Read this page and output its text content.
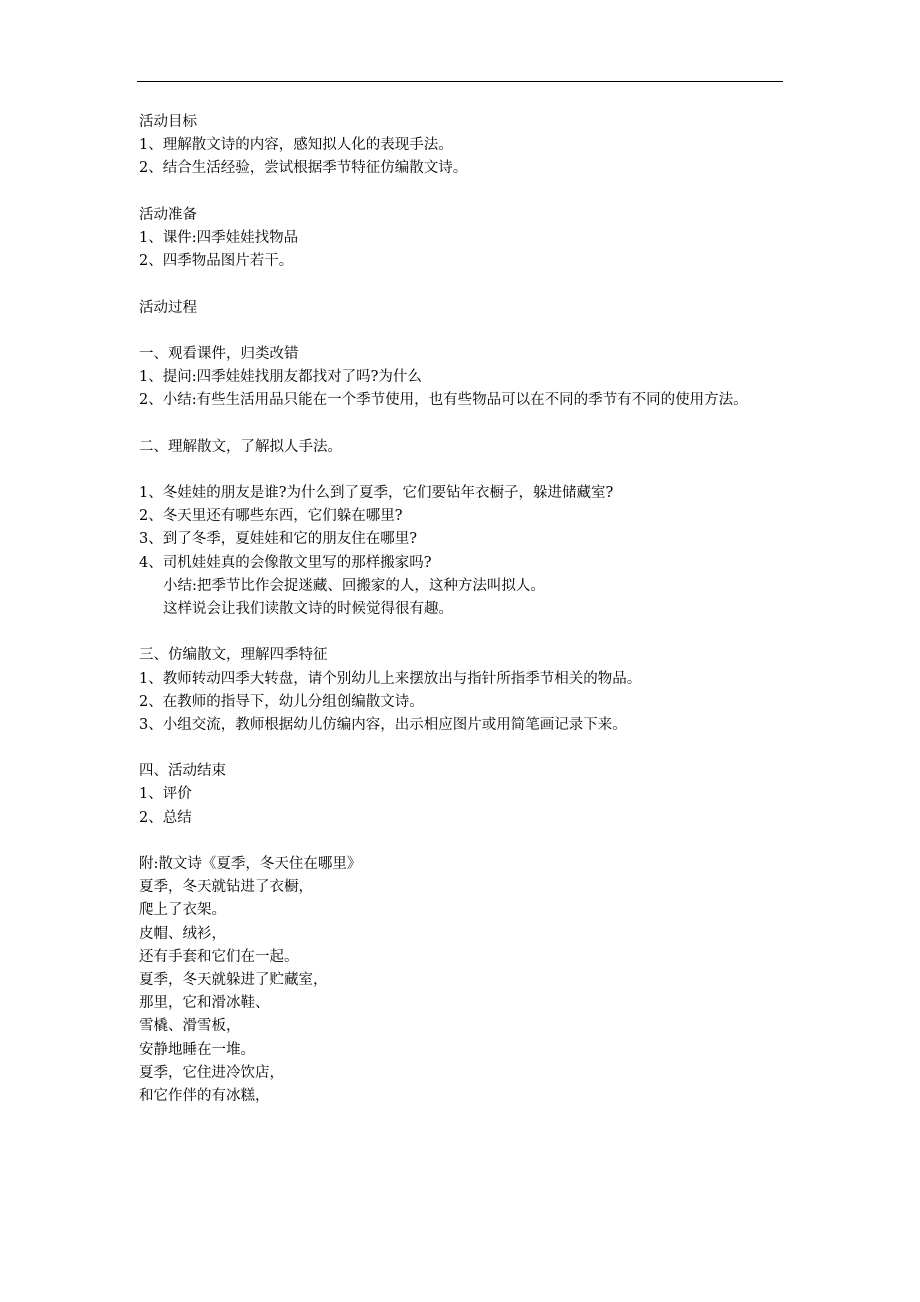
活动目标
1、理解散文诗的内容，感知拟人化的表现手法。
2、结合生活经验，尝试根据季节特征仿编散文诗。
活动准备
1、课件:四季娃娃找物品
2、四季物品图片若干。
活动过程
一、观看课件，归类改错
1、提问:四季娃娃找朋友都找对了吗?为什么
2、小结:有些生活用品只能在一个季节使用，也有些物品可以在不同的季节有不同的使用方法。
二、理解散文，了解拟人手法。
1、冬娃娃的朋友是谁?为什么到了夏季，它们要钻年衣橱子，躲进储藏室?
2、冬天里还有哪些东西，它们躲在哪里?
3、到了冬季，夏娃娃和它的朋友住在哪里?
4、司机娃娃真的会像散文里写的那样搬家吗?
小结:把季节比作会捉迷藏、回搬家的人，这种方法叫拟人。
这样说会让我们读散文诗的时候觉得很有趣。
三、仿编散文，理解四季特征
1、教师转动四季大转盘，请个别幼儿上来摆放出与指针所指季节相关的物品。
2、在教师的指导下，幼儿分组创编散文诗。
3、小组交流，教师根据幼儿仿编内容，出示相应图片或用简笔画记录下来。
四、活动结束
1、评价
2、总结
附:散文诗《夏季，冬天住在哪里》
夏季，冬天就钻进了衣橱，
爬上了衣架。
皮帽、绒衫，
还有手套和它们在一起。
夏季，冬天就躲进了贮藏室，
那里，它和滑冰鞋、
雪橇、滑雪板，
安静地睡在一堆。
夏季，它住进冷饮店，
和它作伴的有冰糕，
